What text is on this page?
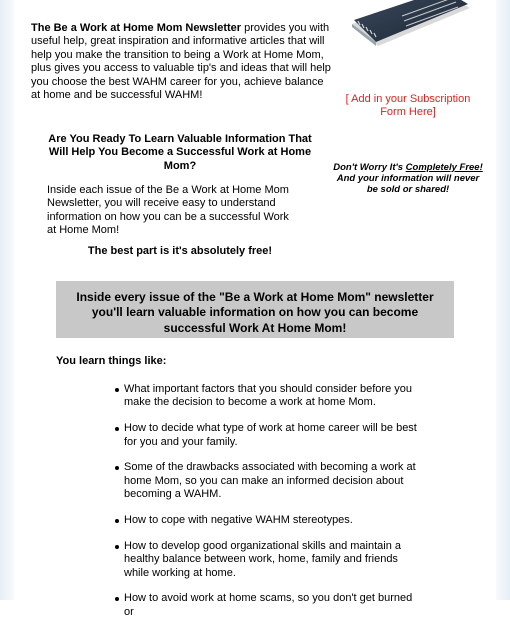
The Be a Work at Home Mom Newsletter provides you with useful help, great inspiration and informative articles that will help you make the transition to being a Work at Home Mom, plus gives you access to valuable tip's and ideas that will help you choose the best WAHM career for you, achieve balance at home and be successful WAHM!	[ Add in your Subscription Form Here]

Are You Ready To Learn Valuable Information That Will Help You Become a Successful Work at Home Mom?	Don't Worry It's Completely Free!
And your information will never be sold or shared!

Inside each issue of the Be a Work at Home Mom Newsletter, you will receive easy to understand information on how you can be a successful Work at Home Mom!

The best part is it's absolutely free!

Inside every issue of the "Be a Work at Home Mom" newsletter you'll learn valuable information on how you can become successful Work At Home Mom!

You learn things like:

What important factors that you should consider before you make the decision to become a work at home Mom.
How to decide what type of work at home career will be best for you and your family.
Some of the drawbacks associated with becoming a work at home Mom, so you can make an informed decision about becoming a WAHM.
How to cope with negative WAHM stereotypes.
How to develop good organizational skills and maintain a healthy balance between work, home, family and friends while working at home.
How to avoid work at home scams, so you don't get burned or
